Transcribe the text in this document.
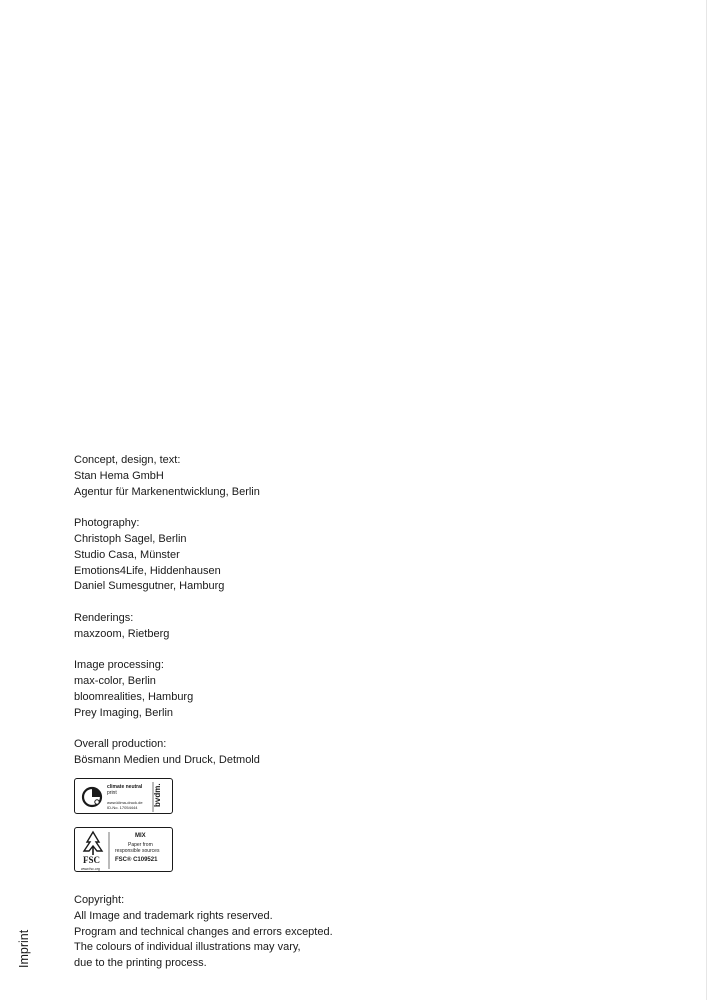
Concept, design, text:

Stan Hema GmbH

Agentur für Markenentwicklung, Berlin

Photography:

Christoph Sagel, Berlin

Studio Casa, Münster

Emotions4Life, Hiddenhausen

Daniel Sumesgutner, Hamburg

Renderings:

maxzoom, Rietberg

Image processing:

max-color, Berlin

bloomrealities, Hamburg

Prey Imaging, Berlin

Overall production:

Bösmann Medien und Druck, Detmold

climate neutral
print
www.klima-druck.de
ID-No. 17054444
bvdm.
FSC
www.fsc.org
MIX
Paper from
responsible sources
FSC® C109521

Copyright:

All Image and trademark rights reserved.

Program and technical changes and errors excepted.

The colours of individual illustrations may vary,

due to the printing process.

Imprint
